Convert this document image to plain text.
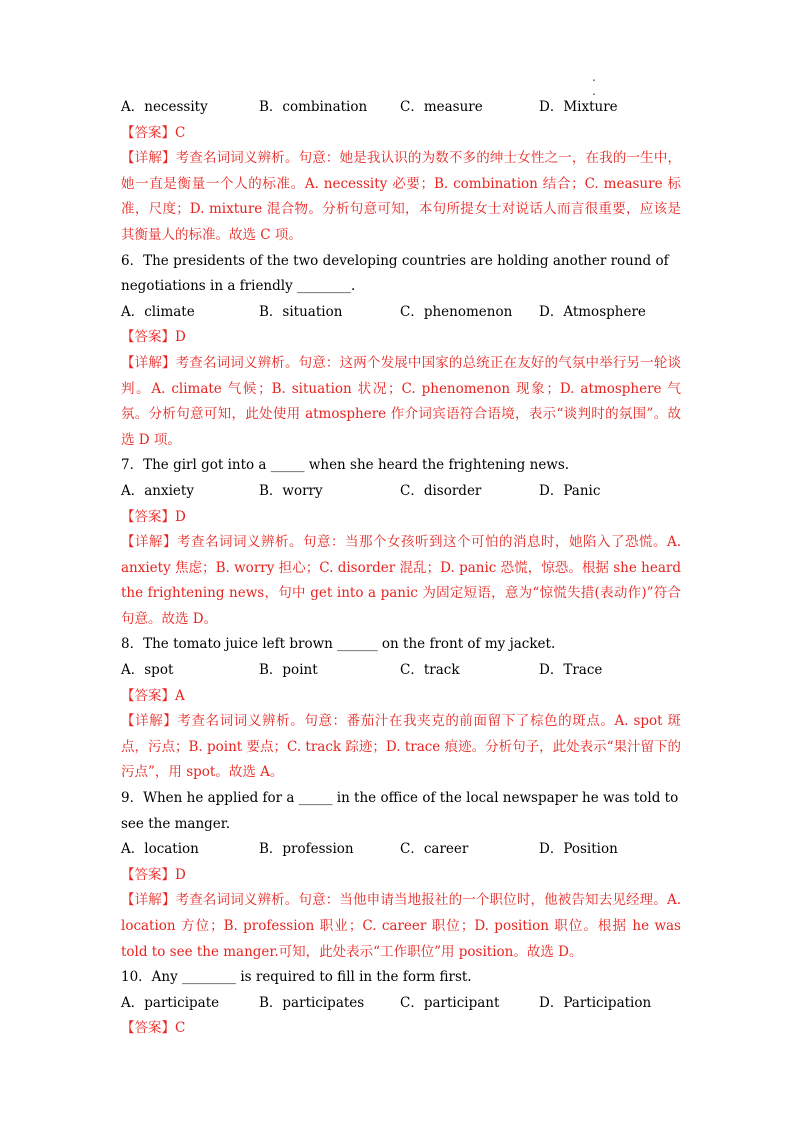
.
.
A．necessity	B．combination C．measure	D．Mixture
【答案】C
【详解】考查名词词义辨析。句意：她是我认识的为数不多的绅士女性之一，在我的一生中，她一直是衡量一个人的标准。A. necessity 必要；B. combination 结合；C. measure 标准，尺度；D. mixture 混合物。分析句意可知，本句所提女士对说话人而言很重要，应该是其衡量人的标准。故选 C 项。
6．The presidents of the two developing countries are holding another round of negotiations in a friendly ________.
A．climate	B．situation	C．phenomenon D．Atmosphere
【答案】D
【详解】考查名词词义辨析。句意：这两个发展中国家的总统正在友好的气氛中举行另一轮谈判。A. climate 气候；B. situation 状况；C. phenomenon 现象；D. atmosphere 气氛。分析句意可知，此处使用 atmosphere 作介词宾语符合语境，表示“谈判时的氛围”。故选 D 项。
7．The girl got into a _____ when she heard the frightening news.
A．anxiety	B．worry	C．disorder	D．Panic
【答案】D
【详解】考查名词词义辨析。句意：当那个女孩听到这个可怕的消息时，她陷入了恐慌。A. anxiety 焦虑；B. worry 担心；C. disorder 混乱；D. panic 恐慌，惊恐。根据 she heard the frightening news，句中 get into a panic 为固定短语，意为“惊慌失措(表动作)”符合句意。故选 D。
8．The tomato juice left brown ______ on the front of my jacket.
A．spot	B．point	C．track	D．Trace
【答案】A
【详解】考查名词词义辨析。句意：番茄汁在我夹克的前面留下了棕色的斑点。A. spot 斑点，污点；B. point 要点；C. track 踪迹；D. trace 痕迹。分析句子，此处表示“果汁留下的污点”，用 spot。故选 A。
9．When he applied for a _____ in the office of the local newspaper he was told to see the manger.
A．location	B．profession	C．career	D．Position
【答案】D
【详解】考查名词词义辨析。句意：当他申请当地报社的一个职位时，他被告知去见经理。A. location 方位；B. profession 职业；C. career 职位；D. position 职位。根据 he was told to see the manger.可知，此处表示“工作职位”用 position。故选 D。
10．Any ________ is required to fill in the form first.
A．participate	B．participates	C．participant	D．Participation
【答案】C
